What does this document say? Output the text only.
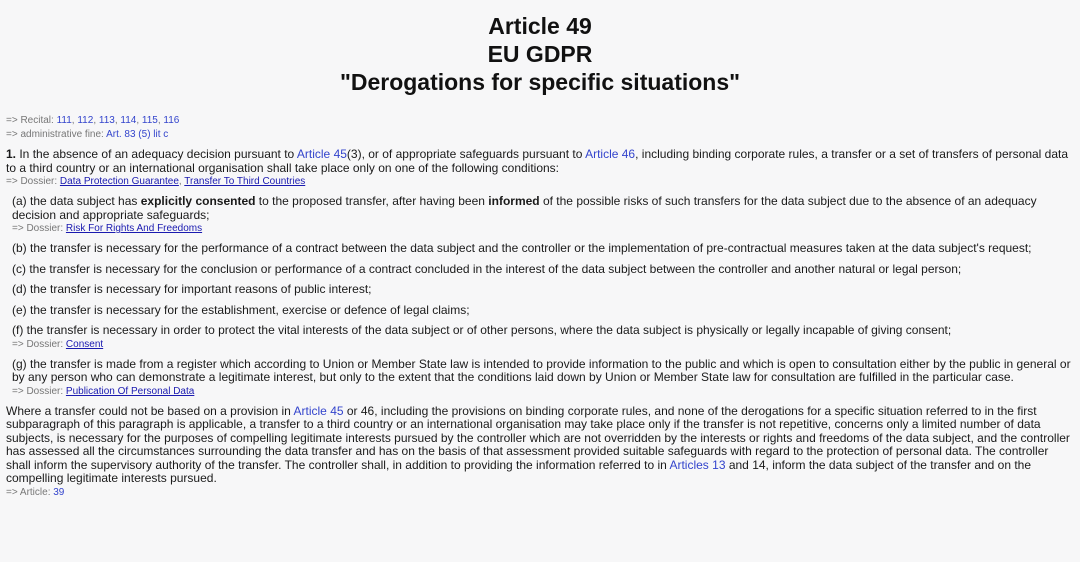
Article 49
EU GDPR
"Derogations for specific situations"
=> Recital: 111, 112, 113, 114, 115, 116
=> administrative fine: Art. 83 (5) lit c
1. In the absence of an adequacy decision pursuant to Article 45(3), or of appropriate safeguards pursuant to Article 46, including binding corporate rules, a transfer or a set of transfers of personal data to a third country or an international organisation shall take place only on one of the following conditions:
=> Dossier: Data Protection Guarantee, Transfer To Third Countries
(a) the data subject has explicitly consented to the proposed transfer, after having been informed of the possible risks of such transfers for the data subject due to the absence of an adequacy decision and appropriate safeguards;
=> Dossier: Risk For Rights And Freedoms
(b) the transfer is necessary for the performance of a contract between the data subject and the controller or the implementation of pre-contractual measures taken at the data subject's request;
(c) the transfer is necessary for the conclusion or performance of a contract concluded in the interest of the data subject between the controller and another natural or legal person;
(d) the transfer is necessary for important reasons of public interest;
(e) the transfer is necessary for the establishment, exercise or defence of legal claims;
(f) the transfer is necessary in order to protect the vital interests of the data subject or of other persons, where the data subject is physically or legally incapable of giving consent;
=> Dossier: Consent
(g) the transfer is made from a register which according to Union or Member State law is intended to provide information to the public and which is open to consultation either by the public in general or by any person who can demonstrate a legitimate interest, but only to the extent that the conditions laid down by Union or Member State law for consultation are fulfilled in the particular case.
=> Dossier: Publication Of Personal Data
Where a transfer could not be based on a provision in Article 45 or 46, including the provisions on binding corporate rules, and none of the derogations for a specific situation referred to in the first subparagraph of this paragraph is applicable, a transfer to a third country or an international organisation may take place only if the transfer is not repetitive, concerns only a limited number of data subjects, is necessary for the purposes of compelling legitimate interests pursued by the controller which are not overridden by the interests or rights and freedoms of the data subject, and the controller has assessed all the circumstances surrounding the data transfer and has on the basis of that assessment provided suitable safeguards with regard to the protection of personal data. The controller shall inform the supervisory authority of the transfer. The controller shall, in addition to providing the information referred to in Articles 13 and 14, inform the data subject of the transfer and on the compelling legitimate interests pursued.
=> Article: 39
